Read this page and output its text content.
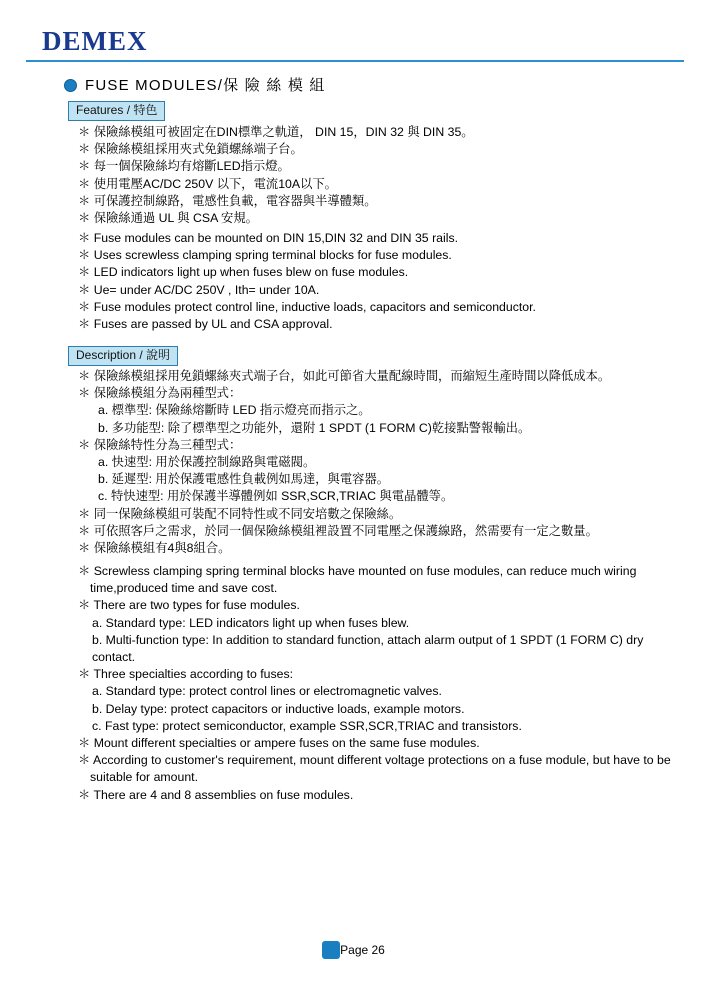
DEMEX
FUSE MODULES/保 險 絲 模 組
Features / 特色
＊ 保險絲模組可被固定在DIN標準之軌道， DIN 15，DIN 32 與 DIN 35。
＊ 保險絲模組採用夾式免鎖螺絲端子台。
＊ 每一個保險絲均有熔斷LED指示燈。
＊ 使用電壓AC/DC 250V 以下，電流10A以下。
＊ 可保護控制線路，電感性負載，電容器與半導體類。
＊ 保險絲通過 UL 與 CSA 安規。
＊ Fuse modules can be mounted on DIN 15,DIN 32 and DIN 35 rails.
＊ Uses screwless clamping spring terminal blocks for fuse modules.
＊ LED indicators light up when fuses blew on fuse modules.
＊ Ue= under AC/DC 250V , Ith= under 10A.
＊ Fuse modules protect control line, inductive loads, capacitors and semiconductor.
＊ Fuses are passed by UL and CSA approval.
Description / 說明
＊ 保險絲模組採用免鎖螺絲夾式端子台，如此可節省大量配線時間，而縮短生產時間以降低成本。
＊ 保險絲模組分為兩種型式：
a. 標準型: 保險絲熔斷時 LED 指示燈亮而指示之。
b. 多功能型: 除了標準型之功能外，還附 1 SPDT (1 FORM C)乾接點警報輸出。
＊ 保險絲特性分為三種型式：
a. 快速型: 用於保護控制線路與電磁閥。
b. 延遲型: 用於保護電感性負載例如馬達，與電容器。
c. 特快速型: 用於保護半導體例如 SSR,SCR,TRIAC 與電晶體等。
＊ 同一保險絲模組可裝配不同特性或不同安培數之保險絲。
＊ 可依照客戶之需求，於同一個保險絲模組裡設置不同電壓之保護線路，然需要有一定之數量。
＊ 保險絲模組有4與8組合。
＊ Screwless clamping spring terminal blocks have mounted on fuse modules, can reduce much wiring time,produced time and save cost.
＊ There are two types for fuse modules.
a. Standard type: LED indicators light up when fuses blew.
b. Multi-function type: In addition to standard function, attach alarm output of 1 SPDT (1 FORM C) dry contact.
＊ Three specialties according to fuses:
a. Standard type: protect control lines or electromagnetic valves.
b. Delay type: protect capacitors or inductive loads, example motors.
c. Fast type: protect semiconductor, example SSR,SCR,TRIAC and transistors.
＊ Mount different specialties or ampere fuses on the same fuse modules.
＊ According to customer's requirement, mount different voltage protections on a fuse module, but have to be suitable for amount.
＊ There are 4 and 8 assemblies on fuse modules.
Page 26
